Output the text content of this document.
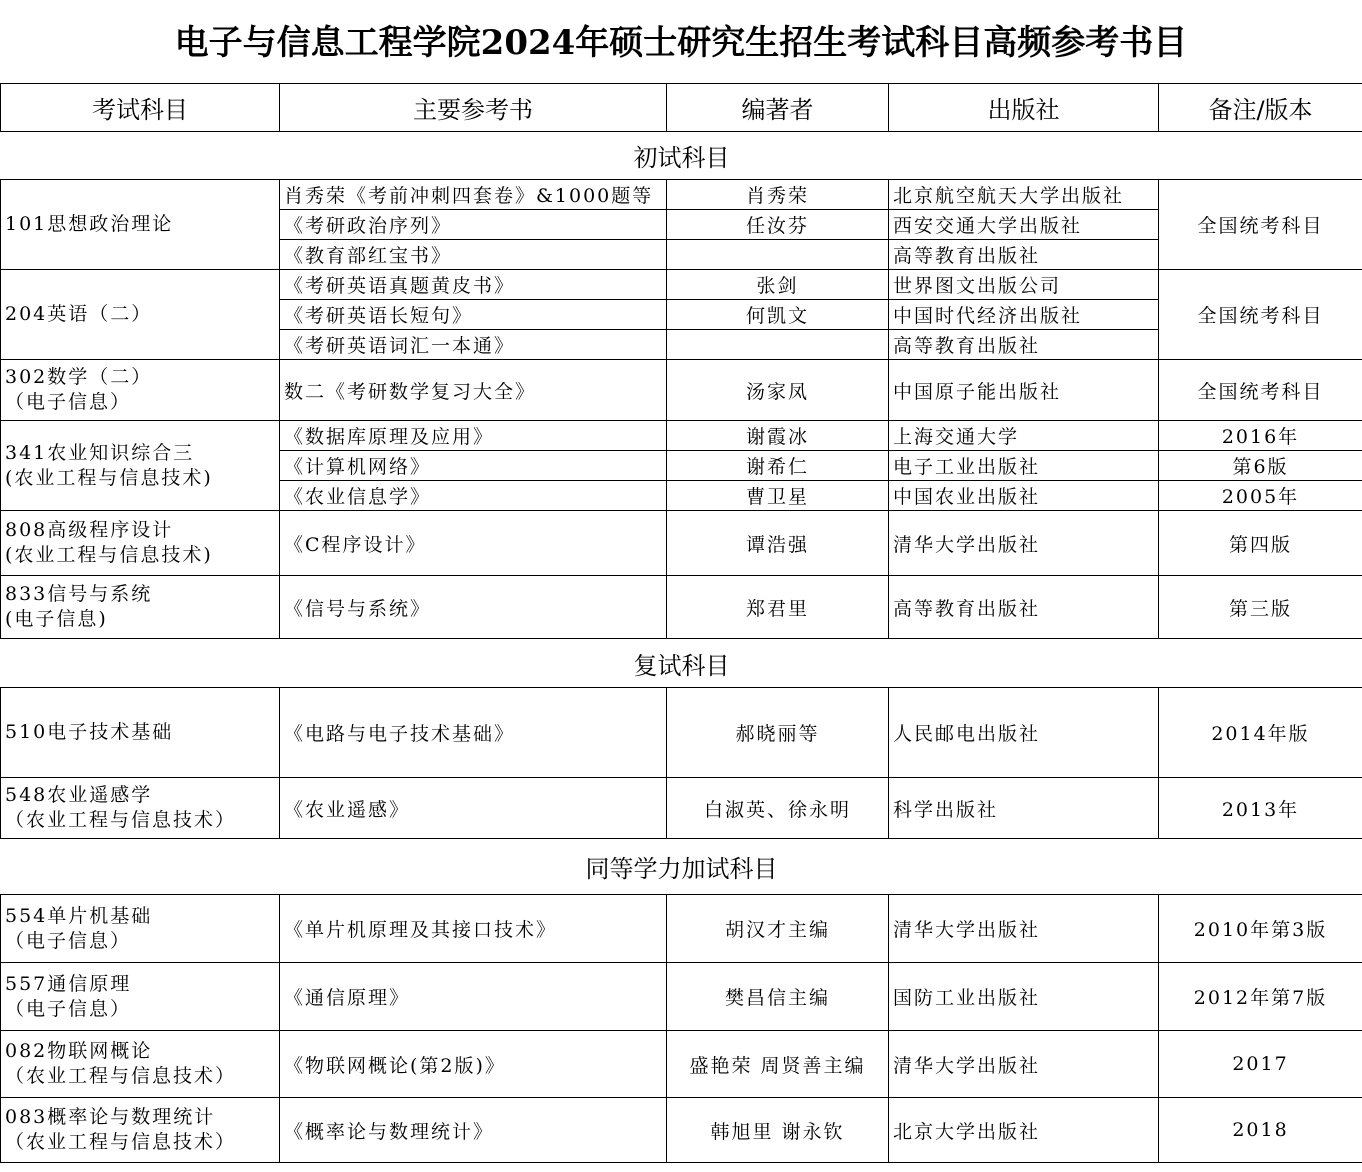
电子与信息工程学院2024年硕士研究生招生考试科目高频参考书目
考试科目	主要参考书	编著者	出版社	备注/版本
初试科目				
101思想政治理论	肖秀荣《考前冲刺四套卷》&1000题等	肖秀荣	北京航空航天大学出版社	全国统考科目
	《考研政治序列》	任汝芬	西安交通大学出版社	
	《教育部红宝书》		高等教育出版社	
204英语（二）	《考研英语真题黄皮书》	张剑	世界图文出版公司	全国统考科目
	《考研英语长短句》	何凯文	中国时代经济出版社	
	《考研英语词汇一本通》		高等教育出版社	

302数学（二）
（电子信息）	数二《考研数学复习大全》	汤家凤	中国原子能出版社	全国统考科目

341农业知识综合三
(农业工程与信息技术)	《数据库原理及应用》	谢霞冰	上海交通大学	2016年
	《计算机网络》	谢希仁	电子工业出版社	第6版
	《农业信息学》	曹卫星	中国农业出版社	2005年

808高级程序设计
(农业工程与信息技术)	《C程序设计》	谭浩强	清华大学出版社	第四版

833信号与系统
(电子信息)	《信号与系统》	郑君里	高等教育出版社	第三版
复试科目				

510电子技术基础	《电路与电子技术基础》	郝晓丽等	人民邮电出版社	2014年版

548农业遥感学
（农业工程与信息技术）	《农业遥感》	白淑英、徐永明	科学出版社	2013年
同等学力加试科目				

554单片机基础
（电子信息）	《单片机原理及其接口技术》	胡汉才主编	清华大学出版社	2010年第3版

557通信原理
（电子信息）	《通信原理》	樊昌信主编	国防工业出版社	2012年第7版

082物联网概论
（农业工程与信息技术）	《物联网概论(第2版)》	盛艳荣 周贤善主编	清华大学出版社	2017

083概率论与数理统计
（农业工程与信息技术）	《概率论与数理统计》	韩旭里 谢永钦	北京大学出版社	2018
